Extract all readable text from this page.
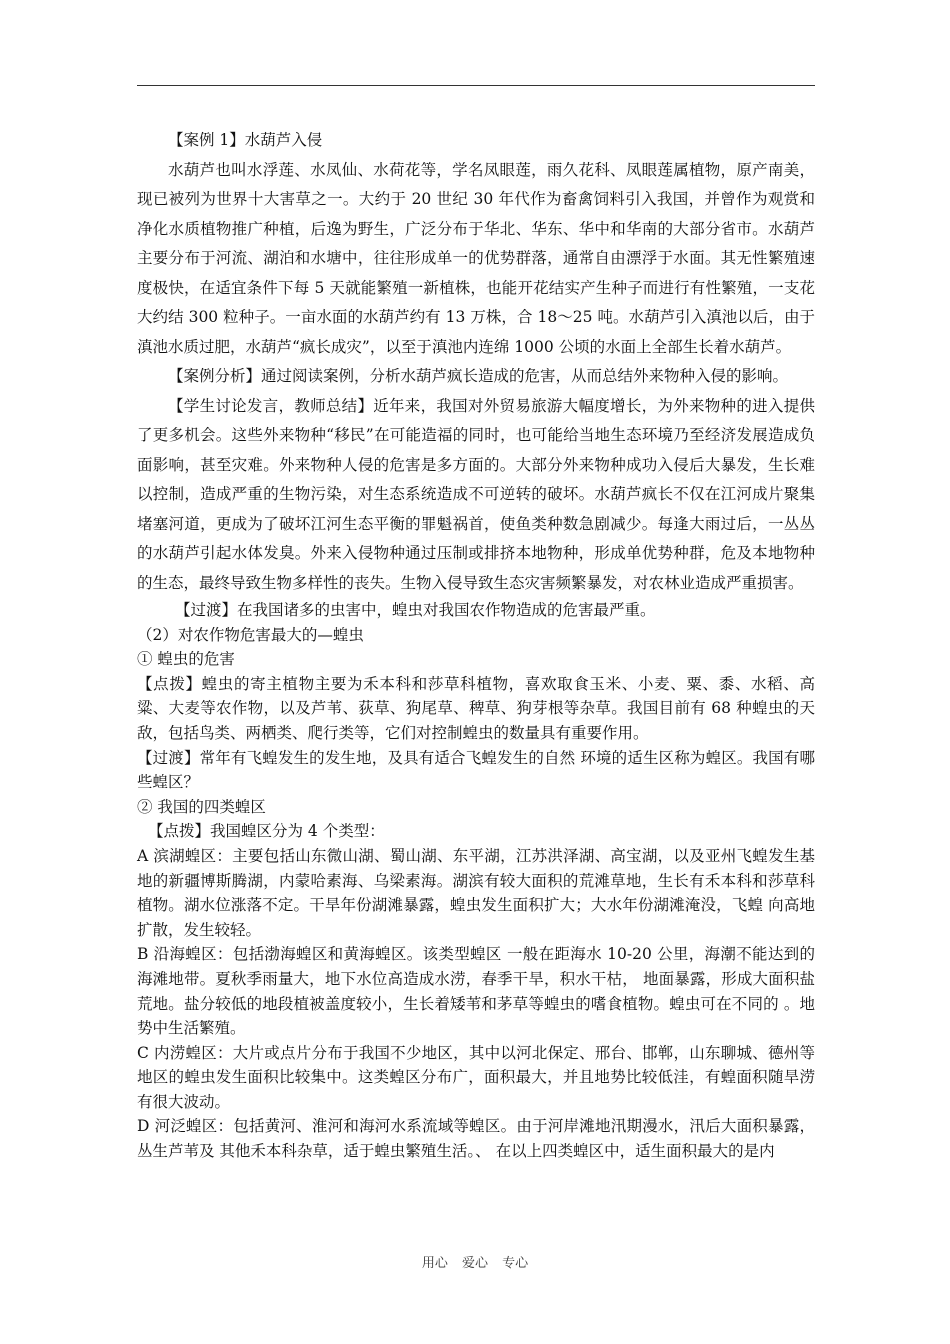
【案例 1】水葫芦入侵

水葫芦也叫水浮莲、水凤仙、水荷花等，学名凤眼莲，雨久花科、凤眼莲属植物，原产南美，现已被列为世界十大害草之一。大约于 20 世纪 30 年代作为畜禽饲料引入我国，并曾作为观赏和净化水质植物推广种植，后逸为野生，广泛分布于华北、华东、华中和华南的大部分省市。水葫芦主要分布于河流、湖泊和水塘中，往往形成单一的优势群落，通常自由漂浮于水面。其无性繁殖速度极快，在适宜条件下每 5 天就能繁殖一新植株，也能开花结实产生种子而进行有性繁殖，一支花大约结 300 粒种子。一亩水面的水葫芦约有 13 万株，合 18～25 吨。水葫芦引入滇池以后，由于滇池水质过肥，水葫芦“疯长成灾”，以至于滇池内连绵 1000 公顷的水面上全部生长着水葫芦。

【案例分析】通过阅读案例，分析水葫芦疯长造成的危害，从而总结外来物种入侵的影响。

【学生讨论发言，教师总结】近年来，我国对外贸易旅游大幅度增长，为外来物种的进入提供了更多机会。这些外来物种“移民”在可能造福的同时，也可能给当地生态环境乃至经济发展造成负面影响，甚至灾难。外来物种人侵的危害是多方面的。大部分外来物种成功入侵后大暴发，生长难以控制，造成严重的生物污染，对生态系统造成不可逆转的破坏。水葫芦疯长不仅在江河成片聚集堵塞河道，更成为了破坏江河生态平衡的罪魁祸首，使鱼类种数急剧减少。每逢大雨过后，一丛丛的水葫芦引起水体发臭。外来入侵物种通过压制或排挤本地物种，形成单优势种群，危及本地物种的生态，最终导致生物多样性的丧失。生物入侵导致生态灾害频繁暴发，对农林业造成严重损害。

【过渡】在我国诸多的虫害中，蝗虫对我国农作物造成的危害最严重。

（2）对农作物危害最大的—蝗虫

① 蝗虫的危害

【点拨】蝗虫的寄主植物主要为禾本科和莎草科植物，喜欢取食玉米、小麦、粟、黍、水稻、高粱、大麦等农作物，以及芦苇、荻草、狗尾草、稗草、狗芽根等杂草。我国目前有 68 种蝗虫的天敌，包括鸟类、两栖类、爬行类等，它们对控制蝗虫的数量具有重要作用。

【过渡】常年有飞蝗发生的发生地，及具有适合飞蝗发生的自然 环境的适生区称为蝗区。我国有哪些蝗区？

② 我国的四类蝗区

【点拨】我国蝗区分为 4 个类型：

A 滨湖蝗区：主要包括山东微山湖、蜀山湖、东平湖，江苏洪泽湖、高宝湖，以及亚州飞蝗发生基地的新疆博斯腾湖，内蒙哈素海、乌梁素海。湖滨有较大面积的荒滩草地，生长有禾本科和莎草科植物。湖水位涨落不定。干旱年份湖滩暴露，蝗虫发生面积扩大；大水年份湖滩淹没，飞蝗 向高地扩散，发生较轻。

B 沿海蝗区：包括渤海蝗区和黄海蝗区。该类型蝗区 一般在距海水 10-20 公里，海潮不能达到的海滩地带。夏秋季雨量大，地下水位高造成水涝，春季干旱，积水干枯， 地面暴露，形成大面积盐荒地。盐分较低的地段植被盖度较小，生长着矮苇和茅草等蝗虫的嗜食植物。蝗虫可在不同的 。地势中生活繁殖。

C 内涝蝗区：大片或点片分布于我国不少地区，其中以河北保定、邢台、邯郸，山东聊城、德州等地区的蝗虫发生面积比较集中。这类蝗区分布广，面积最大，并且地势比较低洼，有蝗面积随旱涝有很大波动。

D 河泛蝗区：包括黄河、淮河和海河水系流域等蝗区。由于河岸滩地汛期漫水，汛后大面积暴露，丛生芦苇及 其他禾本科杂草，适于蝗虫繁殖生活。、 在以上四类蝗区中，适生面积最大的是内

用心 爱心 专心
